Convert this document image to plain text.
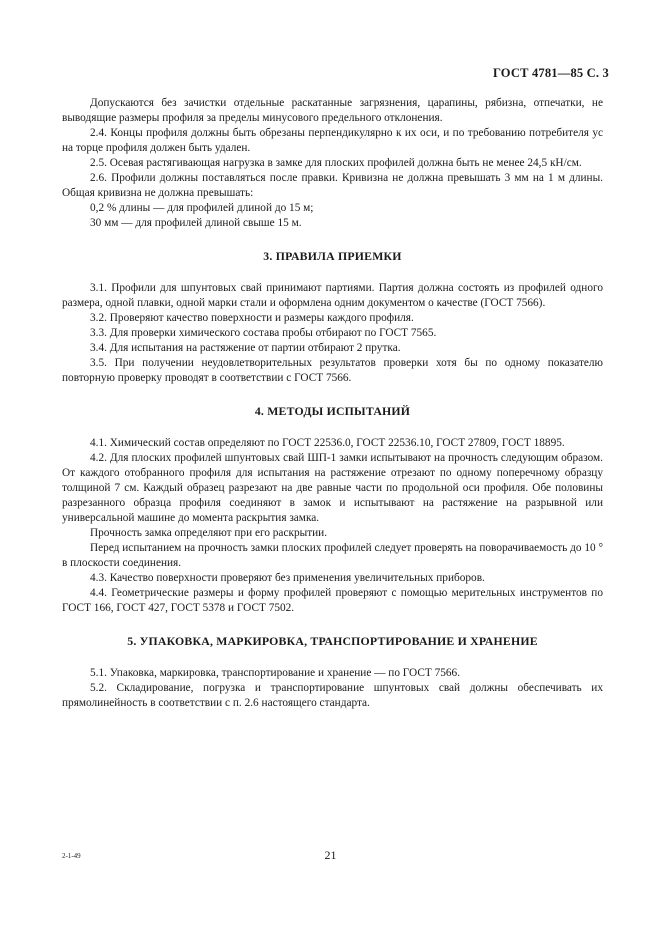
ГОСТ 4781—85 С. 3

Допускаются без зачистки отдельные раскатанные загрязнения, царапины, рябизна, отпечатки, не выводящие размеры профиля за пределы минусового предельного отклонения.

2.4. Концы профиля должны быть обрезаны перпендикулярно к их оси, и по требованию потребителя ус на торце профиля должен быть удален.

2.5. Осевая растягивающая нагрузка в замке для плоских профилей должна быть не менее 24,5 кН/см.

2.6. Профили должны поставляться после правки. Кривизна не должна превышать 3 мм на 1 м длины. Общая кривизна не должна превышать:

0,2 % длины — для профилей длиной до 15 м;

30 мм — для профилей длиной свыше 15 м.

3. ПРАВИЛА ПРИЕМКИ

3.1. Профили для шпунтовых свай принимают партиями. Партия должна состоять из профилей одного размера, одной плавки, одной марки стали и оформлена одним документом о качестве (ГОСТ 7566).

3.2. Проверяют качество поверхности и размеры каждого профиля.

3.3. Для проверки химического состава пробы отбирают по ГОСТ 7565.

3.4. Для испытания на растяжение от партии отбирают 2 прутка.

3.5. При получении неудовлетворительных результатов проверки хотя бы по одному показателю повторную проверку проводят в соответствии с ГОСТ 7566.

4. МЕТОДЫ ИСПЫТАНИЙ

4.1. Химический состав определяют по ГОСТ 22536.0, ГОСТ 22536.10, ГОСТ 27809, ГОСТ 18895.

4.2. Для плоских профилей шпунтовых свай ШП-1 замки испытывают на прочность следующим образом. От каждого отобранного профиля для испытания на растяжение отрезают по одному поперечному образцу толщиной 7 см. Каждый образец разрезают на две равные части по продольной оси профиля. Обе половины разрезанного образца профиля соединяют в замок и испытывают на растяжение на разрывной или универсальной машине до момента раскрытия замка.

Прочность замка определяют при его раскрытии.

Перед испытанием на прочность замки плоских профилей следует проверять на поворачиваемость до 10 ° в плоскости соединения.

4.3. Качество поверхности проверяют без применения увеличительных приборов.

4.4. Геометрические размеры и форму профилей проверяют с помощью мерительных инструментов по ГОСТ 166, ГОСТ 427, ГОСТ 5378 и ГОСТ 7502.

5. УПАКОВКА, МАРКИРОВКА, ТРАНСПОРТИРОВАНИЕ И ХРАНЕНИЕ

5.1. Упаковка, маркировка, транспортирование и хранение — по ГОСТ 7566.

5.2. Складирование, погрузка и транспортирование шпунтовых свай должны обеспечивать их прямолинейность в соответствии с п. 2.6 настоящего стандарта.

2-1-49	21
